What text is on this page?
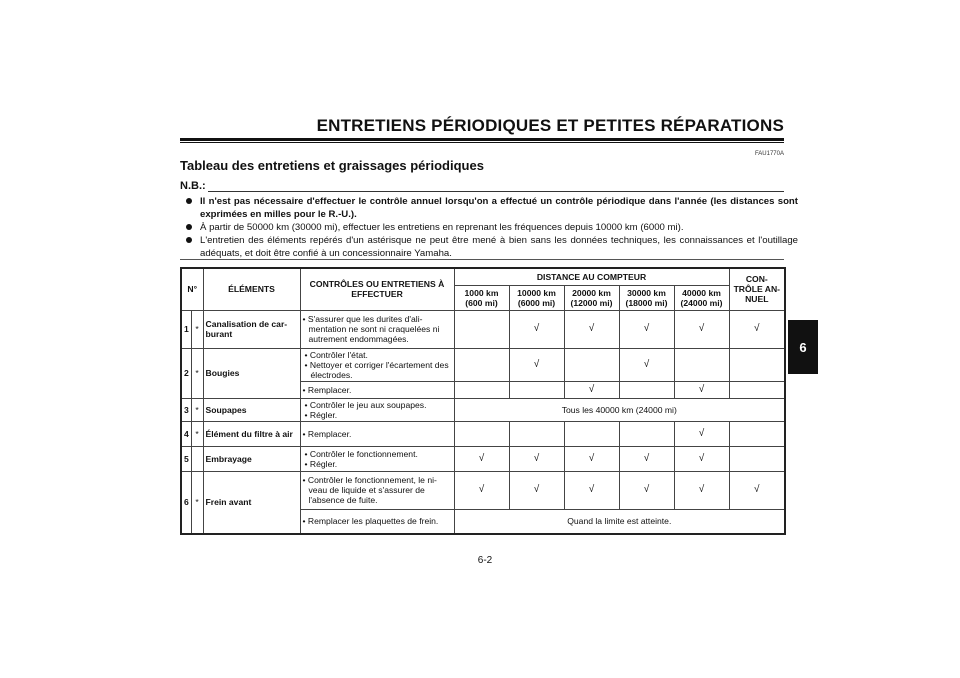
ENTRETIENS PÉRIODIQUES ET PETITES RÉPARATIONS
FAU1770A
Tableau des entretiens et graissages périodiques
N.B.:
Il n'est pas nécessaire d'effectuer le contrôle annuel lorsqu'on a effectué un contrôle périodique dans l'année (les distances sont exprimées en milles pour le R.-U.).
À partir de 50000 km (30000 mi), effectuer les entretiens en reprenant les fréquences depuis 10000 km (6000 mi).
L'entretien des éléments repérés d'un astérisque ne peut être mené à bien sans les données techniques, les connaissances et l'outillage adéquats, et doit être confié à un concessionnaire Yamaha.
N°		ÉLÉMENTS	CONTRÔLES OU ENTRETIENS À EFFECTUER	DISTANCE AU COMPTEUR					CON-TRÔLE AN-NUEL
				1000 km (600 mi)	10000 km (6000 mi)	20000 km (12000 mi)	30000 km (18000 mi)	40000 km (24000 mi)	
1	*	Canalisation de car-burant	• S'assurer que les durites d'ali-mentation ne sont ni craquelées ni autrement endommagées.		√	√	√	√	√
2	*	Bougies	• Contrôler l'état.
• Nettoyer et corriger l'écartement des électrodes.		√		√		
			• Remplacer.			√		√	
3	*	Soupapes	• Contrôler le jeu aux soupapes.
• Régler.	Tous les 40000 km (24000 mi)					
4	*	Élément du filtre à air	• Remplacer.					√	
5		Embrayage	• Contrôler le fonctionnement.
• Régler.	√	√	√	√	√	
6	*	Frein avant	• Contrôler le fonctionnement, le ni-veau de liquide et s'assurer de l'absence de fuite.	√	√	√	√	√	√
			• Remplacer les plaquettes de frein.	Quand la limite est atteinte.					
6
6-2
